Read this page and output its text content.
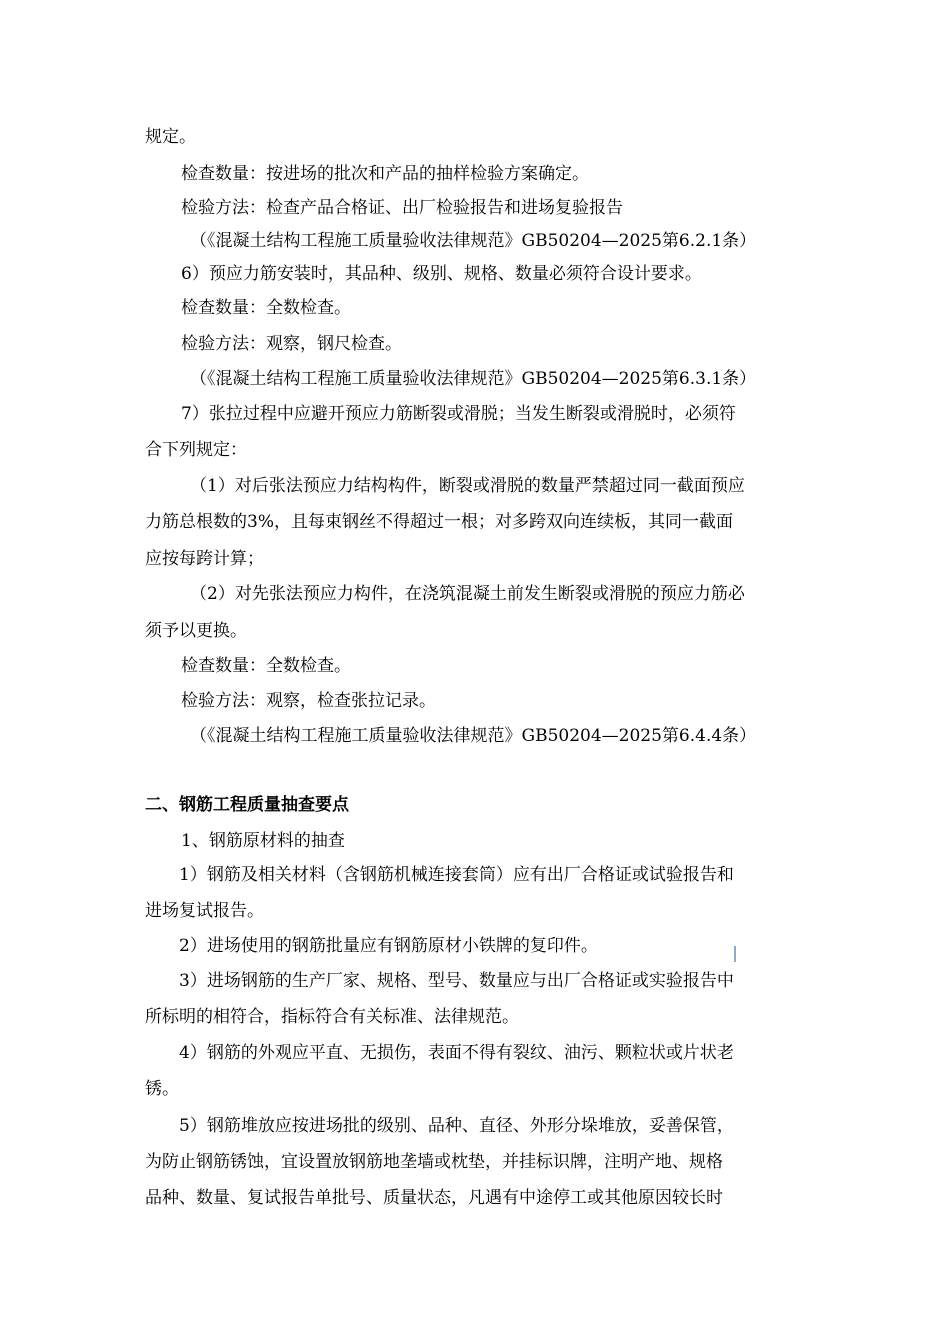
规定。
检查数量：按进场的批次和产品的抽样检验方案确定。
检验方法：检查产品合格证、出厂检验报告和进场复验报告
（《混凝土结构工程施工质量验收法律规范》GB50204—2025第6.2.1条）
6）预应力筋安装时，其品种、级别、规格、数量必须符合设计要求。
检查数量：全数检查。
检验方法：观察，钢尺检查。
（《混凝土结构工程施工质量验收法律规范》GB50204—2025第6.3.1条）
7）张拉过程中应避开预应力筋断裂或滑脱；当发生断裂或滑脱时，必须符
合下列规定：
（1）对后张法预应力结构构件，断裂或滑脱的数量严禁超过同一截面预应
力筋总根数的3%，且每束钢丝不得超过一根；对多跨双向连续板，其同一截面
应按每跨计算；
（2）对先张法预应力构件，在浇筑混凝土前发生断裂或滑脱的预应力筋必
须予以更换。
检查数量：全数检查。
检验方法：观察，检查张拉记录。
（《混凝土结构工程施工质量验收法律规范》GB50204—2025第6.4.4条）
二、钢筋工程质量抽查要点
1、钢筋原材料的抽查
1）钢筋及相关材料（含钢筋机械连接套筒）应有出厂合格证或试验报告和
进场复试报告。
2）进场使用的钢筋批量应有钢筋原材小铁牌的复印件。
3）进场钢筋的生产厂家、规格、型号、数量应与出厂合格证或实验报告中
所标明的相符合，指标符合有关标准、法律规范。
4）钢筋的外观应平直、无损伤，表面不得有裂纹、油污、颗粒状或片状老
锈。
5）钢筋堆放应按进场批的级别、品种、直径、外形分垛堆放，妥善保管，
为防止钢筋锈蚀，宜设置放钢筋地垄墙或枕垫，并挂标识牌，注明产地、规格
品种、数量、复试报告单批号、质量状态，凡遇有中途停工或其他原因较长时
